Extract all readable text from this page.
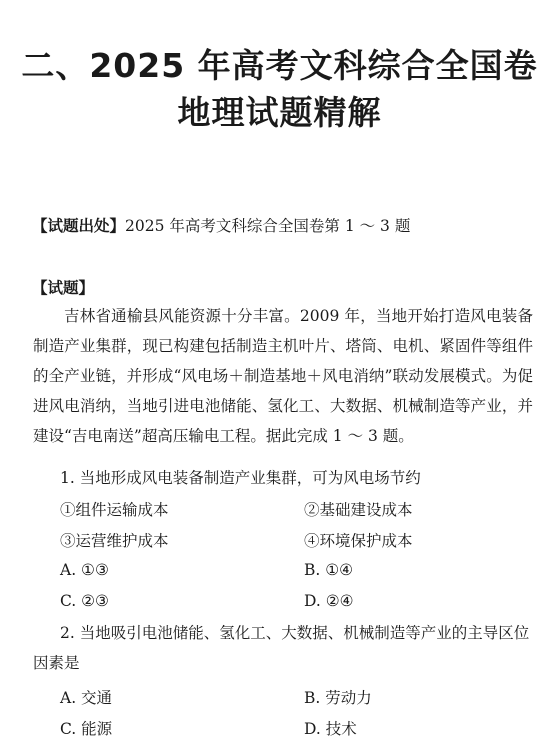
二、2025 年高考文科综合全国卷
地理试题精解
【试题出处】2025 年高考文科综合全国卷第 1 ～ 3 题
【试题】
吉林省通榆县风能资源十分丰富。2009 年，当地开始打造风电装备制造产业集群，现已构建包括制造主机叶片、塔筒、电机、紧固件等组件的全产业链，并形成“风电场＋制造基地＋风电消纳”联动发展模式。为促进风电消纳，当地引进电池储能、氢化工、大数据、机械制造等产业，并建设“吉电南送”超高压输电工程。据此完成 1 ～ 3 题。
1. 当地形成风电装备制造产业集群，可为风电场节约
①组件运输成本	②基础建设成本
③运营维护成本	④环境保护成本
A. ①③	B. ①④
C. ②③	D. ②④
2. 当地吸引电池储能、氢化工、大数据、机械制造等产业的主导区位因素是
A. 交通	B. 劳动力
C. 能源	D. 技术
